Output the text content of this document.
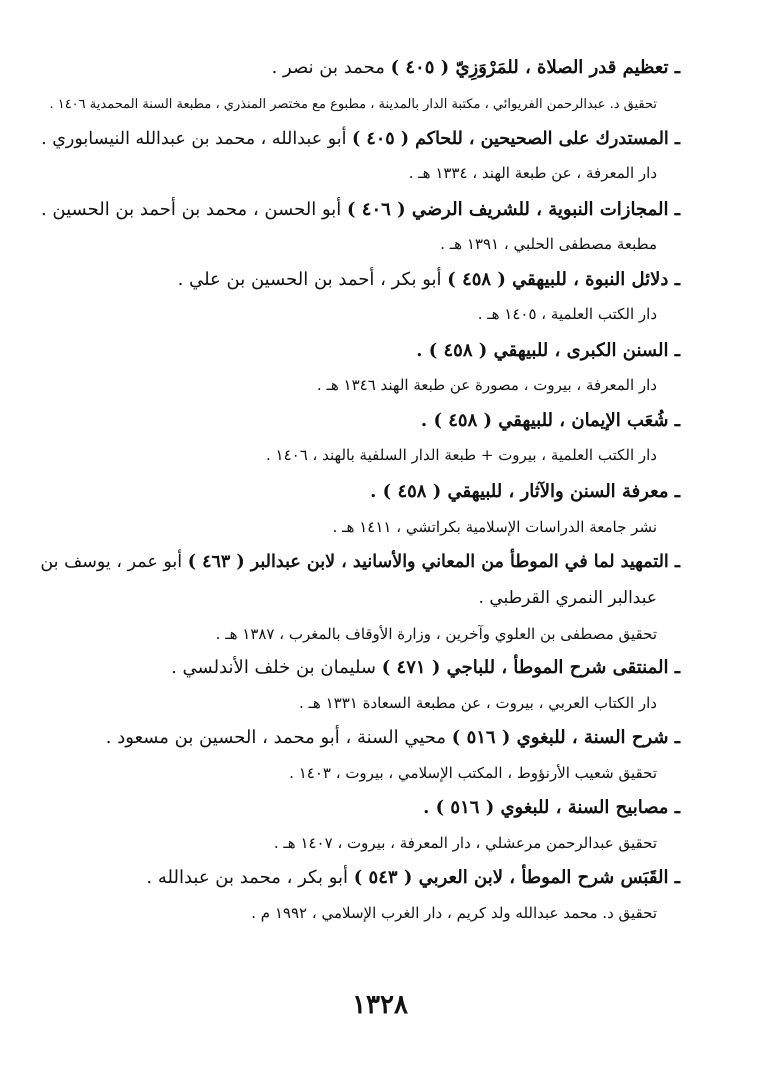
ـ تعظيم قدر الصلاة ، للمَرْوَزِيّ ( ٤٠٥ ) محمد بن نصر .
تحقيق د. عبدالرحمن الفريوائي ، مكتبة الدار بالمدينة ، مطبوع مع مختصر المنذري ، مطبعة السنة المحمدية ١٤٠٦ .
ـ المستدرك على الصحيحين ، للحاكم ( ٤٠٥ ) أبو عبدالله ، محمد بن عبدالله النيسابوري .
دار المعرفة ، عن طبعة الهند ، ١٣٣٤ هـ .
ـ المجازات النبوية ، للشريف الرضي ( ٤٠٦ ) أبو الحسن ، محمد بن أحمد بن الحسين .
مطبعة مصطفى الحلبي ، ١٣٩١ هـ .
ـ دلائل النبوة ، للبيهقي ( ٤٥٨ ) أبو بكر ، أحمد بن الحسين بن علي .
دار الكتب العلمية ، ١٤٠٥ هـ .
ـ السنن الكبرى ، للبيهقي ( ٤٥٨ ) .
دار المعرفة ، بيروت ، مصورة عن طبعة الهند ١٣٤٦ هـ .
ـ شُعَب الإيمان ، للبيهقي ( ٤٥٨ ) .
دار الكتب العلمية ، بيروت + طبعة الدار السلفية بالهند ، ١٤٠٦ .
ـ معرفة السنن والآثار ، للبيهقي ( ٤٥٨ ) .
نشر جامعة الدراسات الإسلامية بكراتشي ، ١٤١١ هـ .
ـ التمهيد لما في الموطأ من المعاني والأسانيد ، لابن عبدالبر ( ٤٦٣ ) أبو عمر ، يوسف بن
عبدالبر النمري القرطبي .
تحقيق مصطفى بن العلوي وآخرين ، وزارة الأوقاف بالمغرب ، ١٣٨٧ هـ .
ـ المنتقى شرح الموطأ ، للباجي ( ٤٧١ ) سليمان بن خلف الأندلسي .
دار الكتاب العربي ، بيروت ، عن مطبعة السعادة ١٣٣١ هـ .
ـ شرح السنة ، للبغوي ( ٥١٦ ) محيي السنة ، أبو محمد ، الحسين بن مسعود .
تحقيق شعيب الأرنؤوط ، المكتب الإسلامي ، بيروت ، ١٤٠٣ .
ـ مصابيح السنة ، للبغوي ( ٥١٦ ) .
تحقيق عبدالرحمن مرعشلي ، دار المعرفة ، بيروت ، ١٤٠٧ هـ .
ـ القَبَس شرح الموطأ ، لابن العربي ( ٥٤٣ ) أبو بكر ، محمد بن عبدالله .
تحقيق د. محمد عبدالله ولد كريم ، دار الغرب الإسلامي ، ١٩٩٢ م .
١٣٢٨
